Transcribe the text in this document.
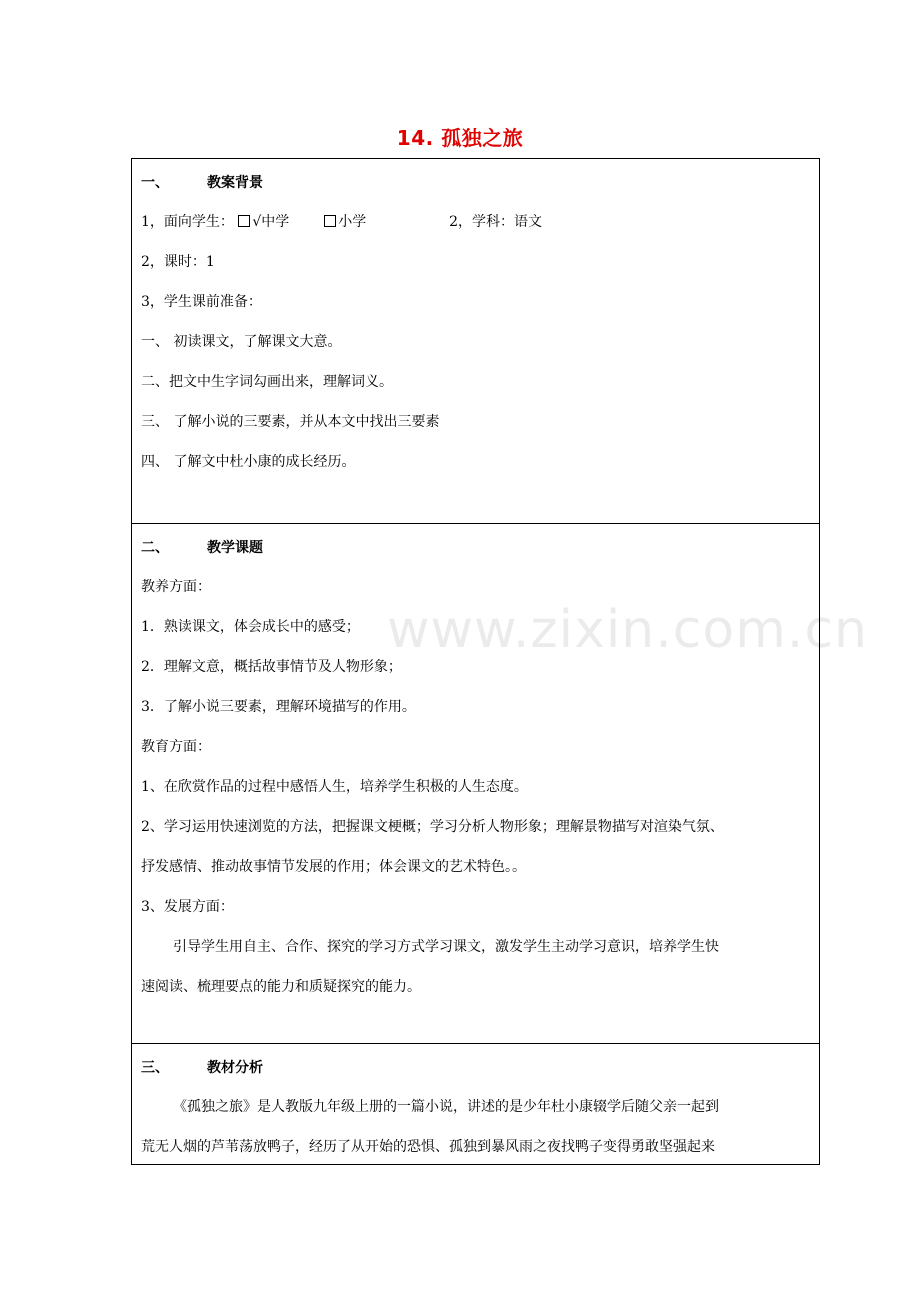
14. 孤独之旅
www.zixin.com.cn
一、	教案背景
1，面向学生： √中学	小学	2，学科：语文
2，课时：1
3，学生课前准备：
一、 初读课文，了解课文大意。
二、把文中生字词勾画出来，理解词义。
三、 了解小说的三要素，并从本文中找出三要素
四、 了解文中杜小康的成长经历。
二、	教学课题
教养方面：
1．熟读课文，体会成长中的感受；
2．理解文意，概括故事情节及人物形象；
3．了解小说三要素，理解环境描写的作用。
教育方面：
1、在欣赏作品的过程中感悟人生，培养学生积极的人生态度。
2、学习运用快速浏览的方法，把握课文梗概；学习分析人物形象；理解景物描写对渲染气氛、
抒发感情、推动故事情节发展的作用；体会课文的艺术特色。。
3、发展方面：
引导学生用自主、合作、探究的学习方式学习课文，激发学生主动学习意识，培养学生快
速阅读、梳理要点的能力和质疑探究的能力。
三、	教材分析
《孤独之旅》是人教版九年级上册的一篇小说，讲述的是少年杜小康辍学后随父亲一起到
荒无人烟的芦苇荡放鸭子，经历了从开始的恐惧、孤独到暴风雨之夜找鸭子变得勇敢坚强起来
